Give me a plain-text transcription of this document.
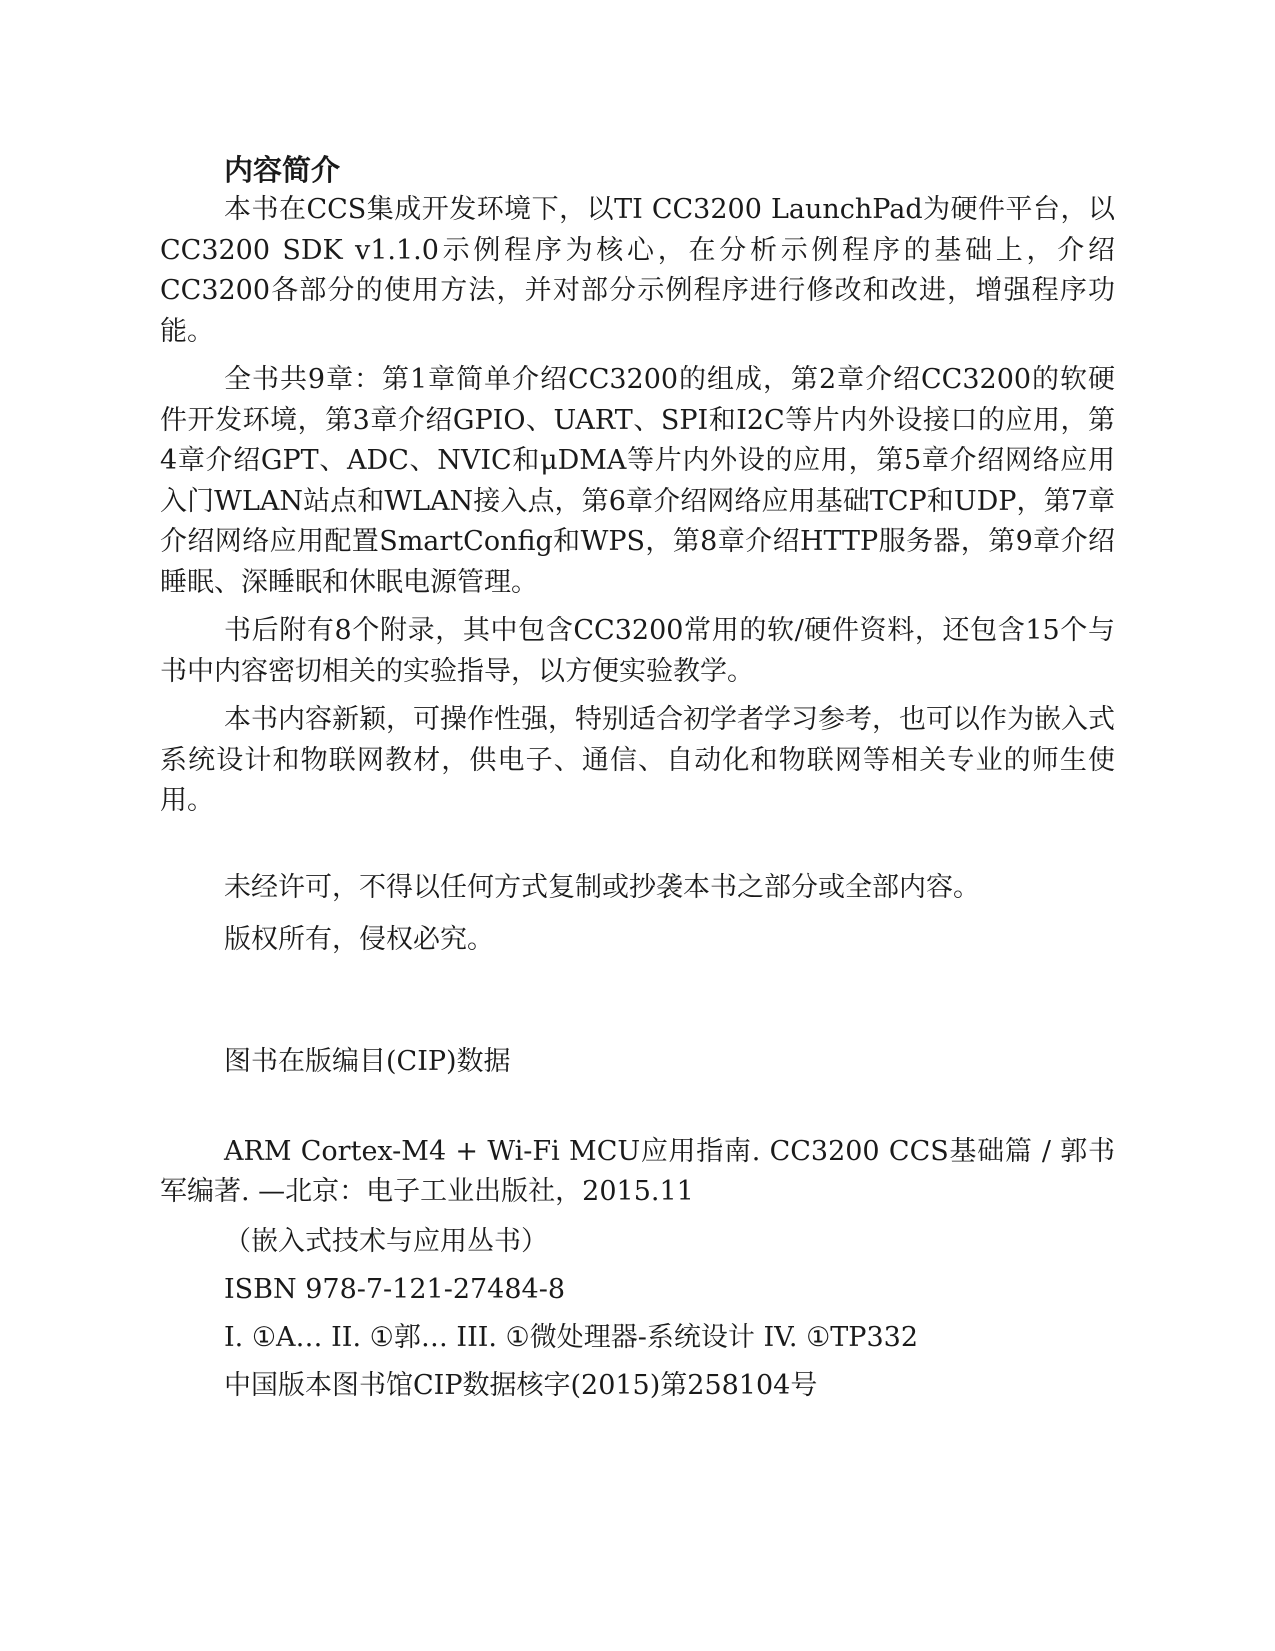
内容简介

本书在CCS集成开发环境下，以TI CC3200 LaunchPad为硬件平台，以CC3200 SDK v1.1.0示例程序为核心，在分析示例程序的基础上，介绍CC3200各部分的使用方法，并对部分示例程序进行修改和改进，增强程序功能。

全书共9章：第1章简单介绍CC3200的组成，第2章介绍CC3200的软硬件开发环境，第3章介绍GPIO、UART、SPI和I2C等片内外设接口的应用，第4章介绍GPT、ADC、NVIC和μDMA等片内外设的应用，第5章介绍网络应用入门WLAN站点和WLAN接入点，第6章介绍网络应用基础TCP和UDP，第7章介绍网络应用配置SmartConfig和WPS，第8章介绍HTTP服务器，第9章介绍睡眠、深睡眠和休眠电源管理。

书后附有8个附录，其中包含CC3200常用的软/硬件资料，还包含15个与书中内容密切相关的实验指导，以方便实验教学。

本书内容新颖，可操作性强，特别适合初学者学习参考，也可以作为嵌入式系统设计和物联网教材，供电子、通信、自动化和物联网等相关专业的师生使用。

未经许可，不得以任何方式复制或抄袭本书之部分或全部内容。

版权所有，侵权必究。

图书在版编目(CIP)数据

ARM Cortex-M4 + Wi-Fi MCU应用指南. CC3200 CCS基础篇 / 郭书军编著. —北京：电子工业出版社，2015.11

（嵌入式技术与应用丛书）

ISBN 978-7-121-27484-8

I. ①A… II. ①郭… III. ①微处理器-系统设计 IV. ①TP332

中国版本图书馆CIP数据核字(2015)第258104号
